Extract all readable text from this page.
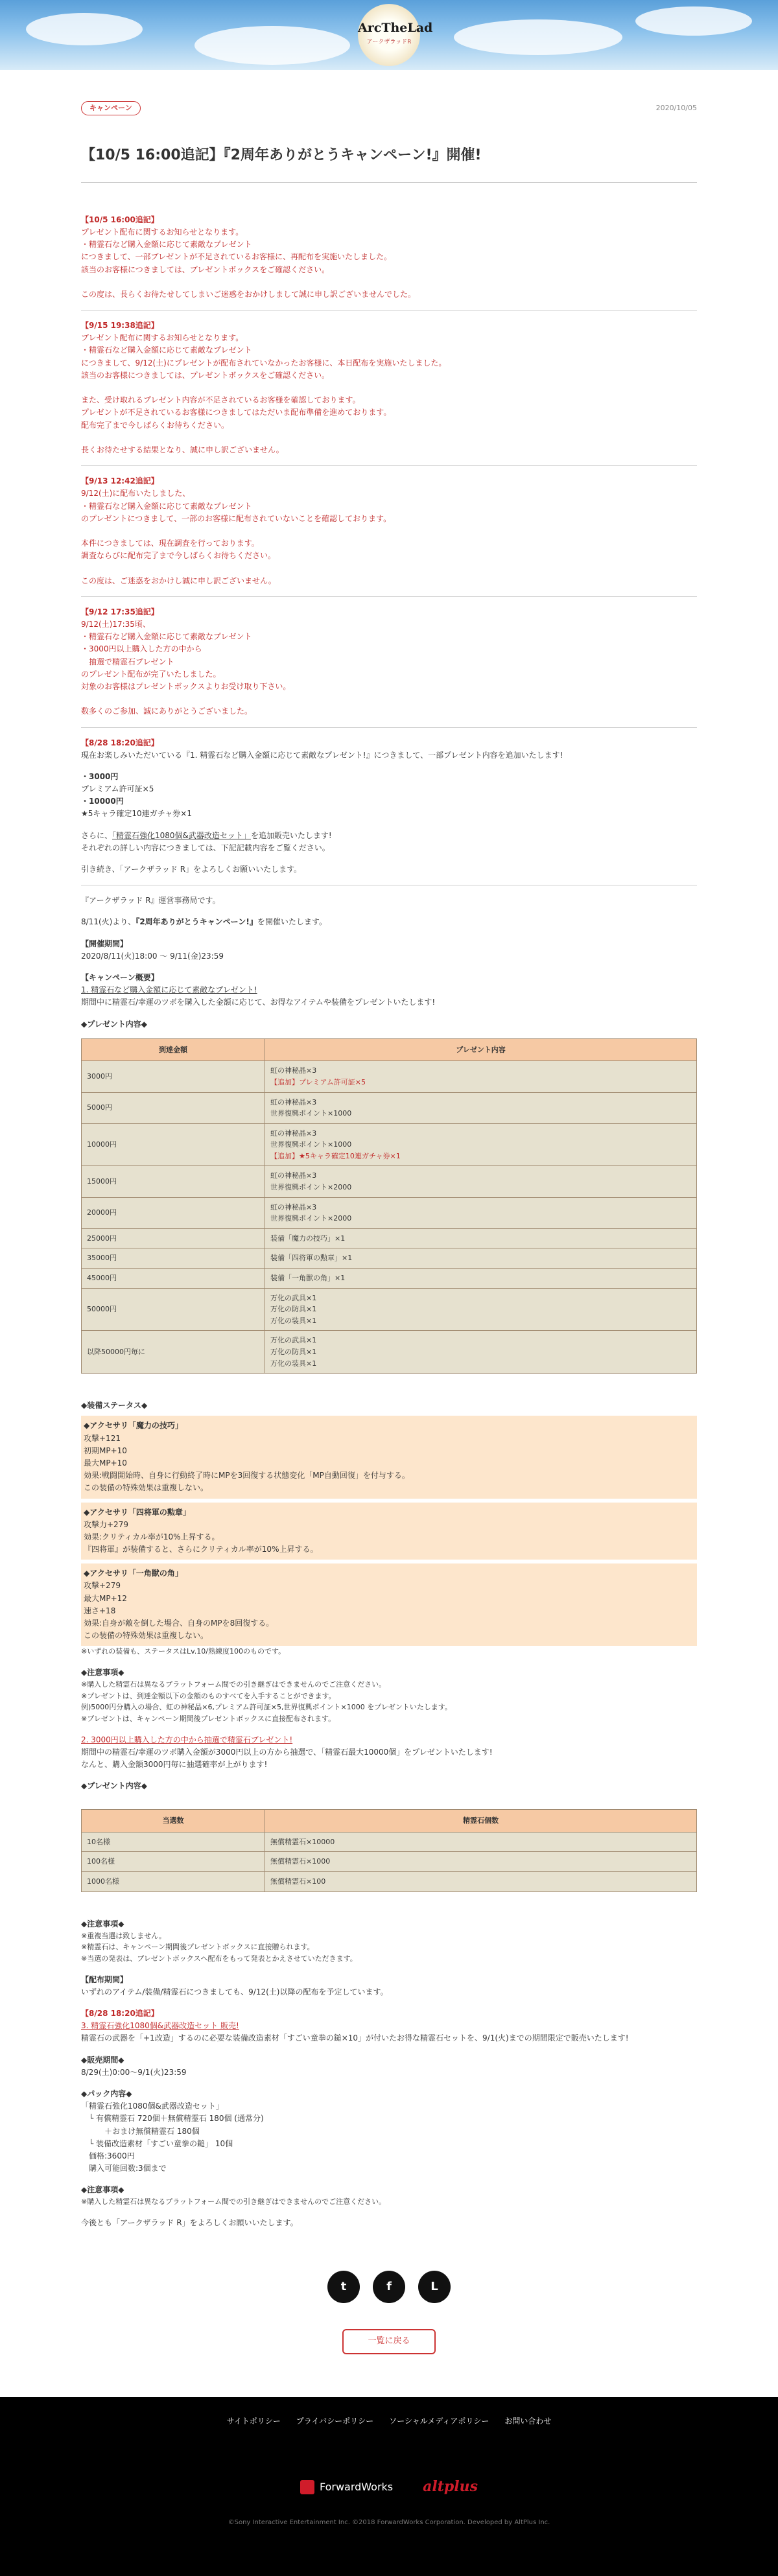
ArcTheLad
アークザラッドR
キャンペーン	2020/10/05
【10/5 16:00追記】『2周年ありがとうキャンペーン!』開催!

【10/5 16:00追記】

プレゼント配布に関するお知らせとなります。
・精霊石など購入金額に応じて素敵なプレゼント
につきまして、一部プレゼントが不足されているお客様に、再配布を実施いたしました。
該当のお客様につきましては、プレゼントボックスをご確認ください。

この度は、長らくお待たせしてしまいご迷惑をおかけしまして誠に申し訳ございませんでした。

【9/15 19:38追記】

プレゼント配布に関するお知らせとなります。
・精霊石など購入金額に応じて素敵なプレゼント
につきまして、9/12(土)にプレゼントが配布されていなかったお客様に、本日配布を実施いたしました。
該当のお客様につきましては、プレゼントボックスをご確認ください。

また、受け取れるプレゼント内容が不足されているお客様を確認しております。
プレゼントが不足されているお客様につきましてはただいま配布準備を進めております。
配布完了まで今しばらくお待ちください。

長くお待たせする結果となり、誠に申し訳ございません。

【9/13 12:42追記】

9/12(土)に配布いたしました、
・精霊石など購入金額に応じて素敵なプレゼント
のプレゼントにつきまして、一部のお客様に配布されていないことを確認しております。

本件につきましては、現在調査を行っております。
調査ならびに配布完了まで今しばらくお待ちください。

この度は、ご迷惑をおかけし誠に申し訳ございません。

【9/12 17:35追記】

9/12(土)17:35頃、
・精霊石など購入金額に応じて素敵なプレゼント
・3000円以上購入した方の中から
　抽選で精霊石プレゼント
のプレゼント配布が完了いたしました。
対象のお客様はプレゼントボックスよりお受け取り下さい。

数多くのご参加、誠にありがとうございました。

【8/28 18:20追記】

現在お楽しみいただいている『1. 精霊石など購入金額に応じて素敵なプレゼント!』につきまして、一部プレゼント内容を追加いたします!

・3000円

プレミアム許可証×5

・10000円

★5キャラ確定10連ガチャ券×1

さらに、「精霊石強化1080個&武器改造セット」を追加販売いたします!
それぞれの詳しい内容につきましては、下記記載内容をご覧ください。

引き続き、「アークザラッド R」をよろしくお願いいたします。

『アークザラッド R』運営事務局です。

8/11(火)より、『2周年ありがとうキャンペーン!』を開催いたします。

【開催期間】

2020/8/11(火)18:00 〜 9/11(金)23:59

【キャンペーン概要】

1. 精霊石など購入金額に応じて素敵なプレゼント!

期間中に精霊石/幸運のツボを購入した金額に応じて、お得なアイテムや装備をプレゼントいたします!

◆プレゼント内容◆

到達金額	プレゼント内容
3000円	虹の神秘晶×3
【追加】プレミアム許可証×5

5000円	虹の神秘晶×3
世界復興ポイント×1000

10000円	虹の神秘晶×3
世界復興ポイント×1000
【追加】★5キャラ確定10連ガチャ券×1

15000円	虹の神秘晶×3
世界復興ポイント×2000

20000円	虹の神秘晶×3
世界復興ポイント×2000

25000円	装備「魔力の技巧」×1

35000円	装備「四将軍の勲章」×1

45000円	装備「一角獣の角」×1

50000円	万化の武具×1
万化の防具×1
万化の装具×1

以降50000円毎に	万化の武具×1
万化の防具×1
万化の装具×1

◆装備ステータス◆

◆アクセサリ「魔力の技巧」

攻撃+121
初期MP+10
最大MP+10
効果:戦闘開始時、自身に行動終了時にMPを3回復する状態変化「MP自動回復」を付与する。
この装備の特殊効果は重複しない。

◆アクセサリ「四将軍の勲章」

攻撃力+279
効果:クリティカル率が10%上昇する。
『四将軍』が装備すると、さらにクリティカル率が10%上昇する。

◆アクセサリ「一角獣の角」

攻撃+279
最大MP+12
速さ+18
効果:自身が敵を倒した場合、自身のMPを8回復する。
この装備の特殊効果は重複しない。

※いずれの装備も、ステータスはLv.10/熟練度100のものです。

◆注意事項◆

※購入した精霊石は異なるプラットフォーム間での引き継ぎはできませんのでご注意ください。
※プレゼントは、到達金額以下の金額のものすべてを入手することができます。
例)5000円分購入の場合、虹の神秘晶×6,プレミアム許可証×5,世界復興ポイント×1000 をプレゼントいたします。
※プレゼントは、キャンペーン期間後プレゼントボックスに直接配布されます。

2. 3000円以上購入した方の中から抽選で精霊石プレゼント!

期間中の精霊石/幸運のツボ購入金額が3000円以上の方から抽選で、「精霊石最大10000個」をプレゼントいたします!
なんと、購入金額3000円毎に抽選確率が上がります!

◆プレゼント内容◆

当選数	精霊石個数
10名様	無償精霊石×10000
100名様	無償精霊石×1000
1000名様	無償精霊石×100

◆注意事項◆

※重複当選は致しません。
※精霊石は、キャンペーン期間後プレゼントボックスに直接贈られます。
※当選の発表は、プレゼントボックスへ配布をもって発表とかえさせていただきます。

【配布期間】

いずれのアイテム/装備/精霊石につきましても、9/12(土)以降の配布を予定しています。

【8/28 18:20追記】

3. 精霊石強化1080個&武器改造セット 販売!

精霊石の武器を「+1改造」するのに必要な装備改造素材「すごい童拳の鎚×10」が付いたお得な精霊石セットを、9/1(火)までの期間限定で販売いたします!

◆販売期間◆

8/29(土)0:00〜9/1(火)23:59

◆パック内容◆

「精霊石強化1080個&武器改造セット」
　└ 有償精霊石 720個＋無償精霊石 180個 (通常分)
　　　＋おまけ無償精霊石 180個
　└ 装備改造素材「すごい童拳の鎚」 10個
　価格:3600円
　購入可能回数:3個まで

◆注意事項◆

※購入した精霊石は異なるプラットフォーム間での引き継ぎはできませんのでご注意ください。

今後とも「アークザラッド R」をよろしくお願いいたします。

t	f	L
一覧に戻る
サイトポリシー プライバシーポリシー ソーシャルメディアポリシー お問い合わせ
ForwardWorks altplus

©Sony Interactive Entertainment Inc. ©2018 ForwardWorks Corporation. Developed by AltPlus Inc.
